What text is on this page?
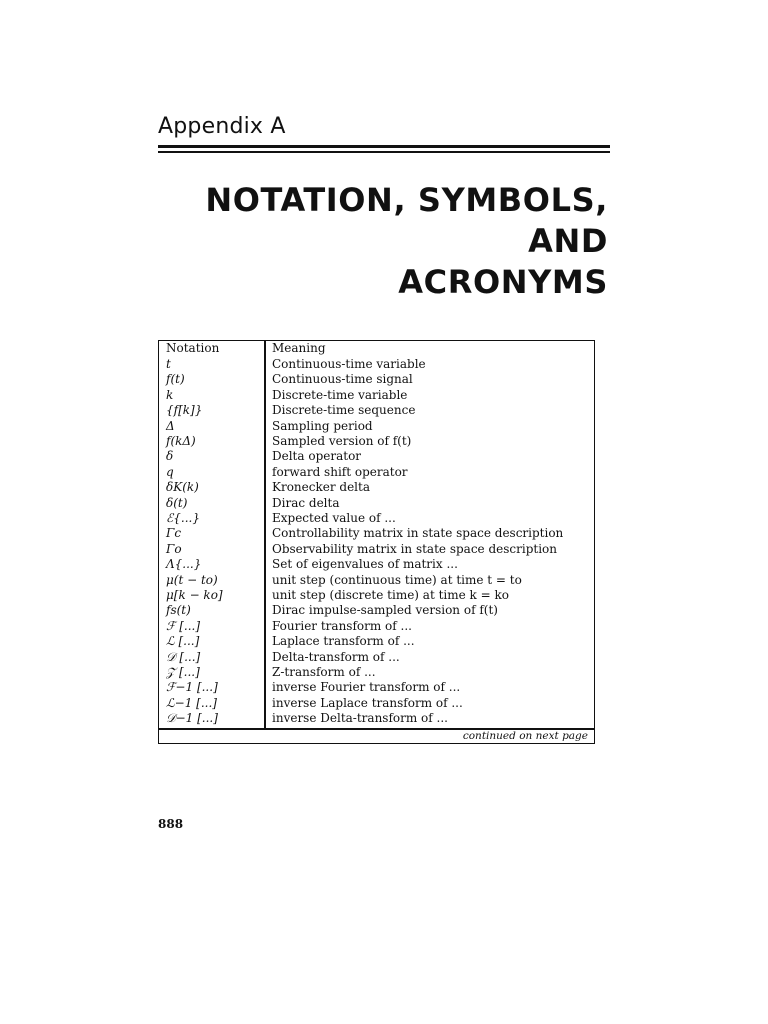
Appendix A
NOTATION, SYMBOLS, AND
ACRONYMS
Notation	Meaning
continued on next page
t	Continuous-time variable
f(t)	Continuous-time signal
k	Discrete-time variable
{f[k]}	Discrete-time sequence
Δ	Sampling period
f(kΔ)	Sampled version of f(t)
δ	Delta operator
q	forward shift operator
δK(k)	Kronecker delta
δ(t)	Dirac delta
ℰ{...}	Expected value of ...
Γc	Controllability matrix in state space description
Γo	Observability matrix in state space description
Λ{...}	Set of eigenvalues of matrix ...
μ(t − to)	unit step (continuous time) at time t = to
μ[k − ko]	unit step (discrete time) at time k = ko
fs(t)	Dirac impulse-sampled version of f(t)
ℱ [...]	Fourier transform of ...
ℒ [...]	Laplace transform of ...
𝒟 [...]	Delta-transform of ...
𝒵 [...]	Z-transform of ...
ℱ−1 [...]	inverse Fourier transform of ...
ℒ−1 [...]	inverse Laplace transform of ...
𝒟−1 [...]	inverse Delta-transform of ...
888
